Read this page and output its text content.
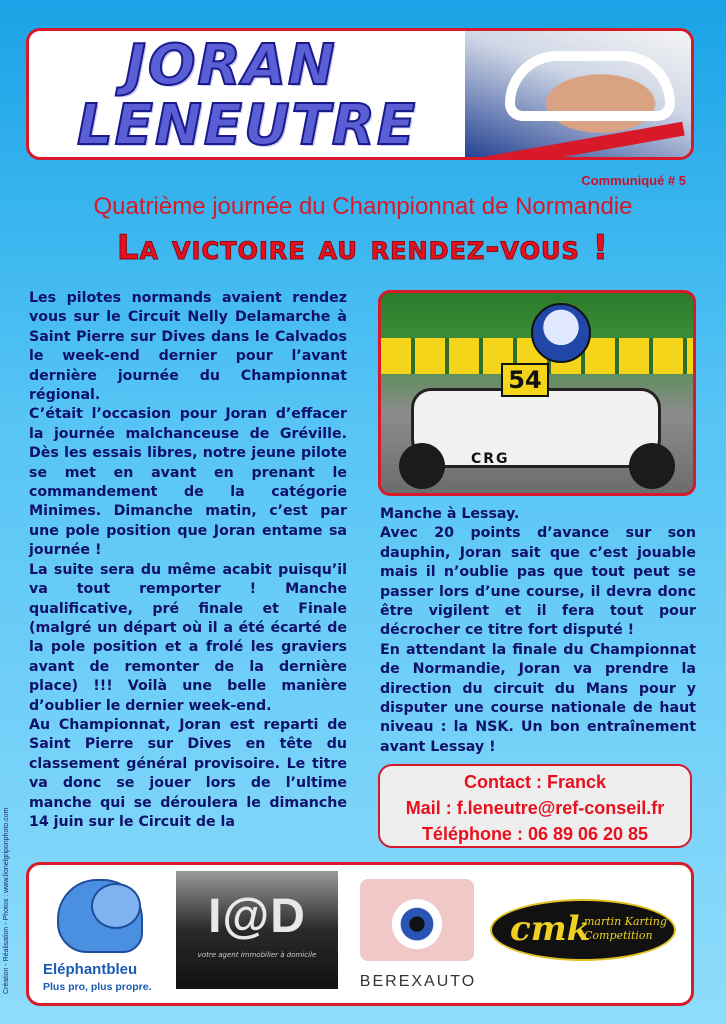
JORAN
LENEUTRE
Communiqué # 5
Quatrième journée du Championnat de Normandie
La victoire au rendez-vous !

Les pilotes normands avaient rendez vous sur le Circuit Nelly Delamarche à Saint Pierre sur Dives dans le Calvados le week-end dernier pour l’avant dernière journée du Championnat régional.

C’était l’occasion pour Joran d’effacer la journée malchanceuse de Gréville. Dès les essais libres, notre jeune pilote se met en avant en prenant le commandement de la catégorie Minimes. Dimanche matin, c’est par une pole position que Joran entame sa journée !

La suite sera du même acabit puisqu’il va tout remporter ! Manche qualificative, pré finale et Finale (malgré un départ où il a été écarté de la pole position et a frolé les graviers avant de remonter de la dernière place) !!! Voilà une belle manière d’oublier le dernier week-end.

Au Championnat, Joran est reparti de Saint Pierre sur Dives en tête du classement général provisoire. Le titre va donc se jouer lors de l’ultime manche qui se déroulera le dimanche 14 juin sur le Circuit de la

54
CRG

Manche à Lessay.

Avec 20 points d’avance sur son dauphin, Joran sait que c’est jouable mais il n’oublie pas que tout peut se passer lors d’une course, il devra donc être vigilent et il fera tout pour décrocher ce titre fort disputé !

En attendant la finale du Championnat de Normandie, Joran va prendre la direction du circuit du Mans pour y disputer une course nationale de haut niveau : la NSK. Un bon entraînement avant Lessay !

Contact : Franck
Mail : f.leneutre@ref-conseil.fr
Téléphone : 06 89 06 20 85
Eléphantbleu
Plus pro, plus propre.
I@D
votre agent immobilier à domicile
BEREXAUTO
cmk
martin Karting
Competition
Création - Réalisation - Photos : www.lionelgriponphoto.com
